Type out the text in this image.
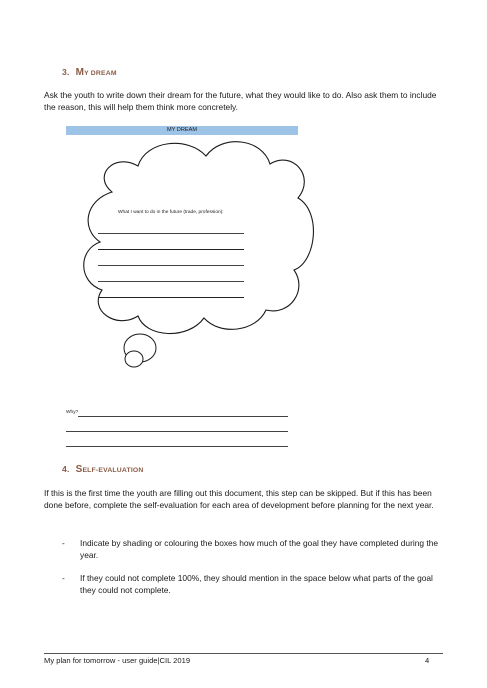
3. MY DREAM
Ask the youth to write down their dream for the future, what they would like to do. Also ask them to include the reason, this will help them think more concretely.
MY DREAM
What I want to do in the future (trade, profession):
Why?
4. SELF-EVALUATION
If this is the first time the youth are filling out this document, this step can be skipped. But if this has been done before, complete the self-evaluation for each area of development before planning for the next year.
- Indicate by shading or colouring the boxes how much of the goal they have completed during the year.
- If they could not complete 100%, they should mention in the space below what parts of the goal they could not complete.
My plan for tomorrow - user guide|CIL 2019	4
